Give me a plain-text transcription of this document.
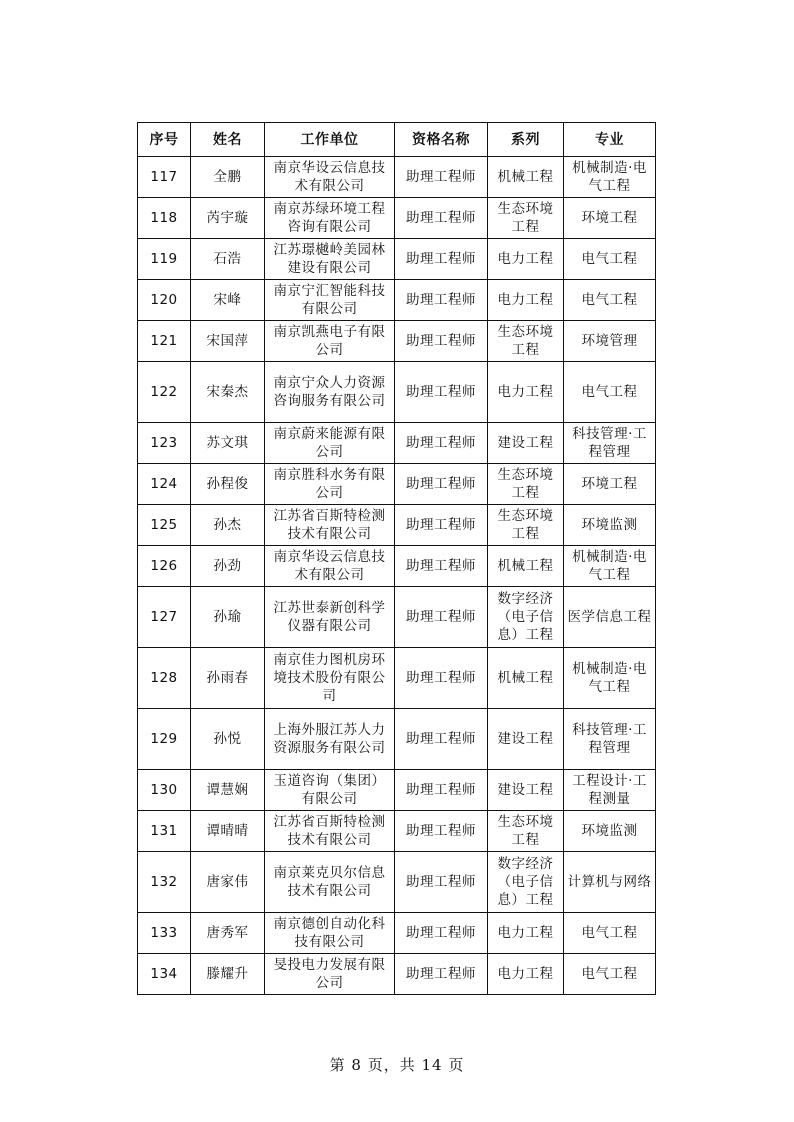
序号	姓名	工作单位	资格名称	系列	专业
117	全鹏	南京华设云信息技术有限公司	助理工程师	机械工程	机械制造·电气工程
118	芮宇璇	南京苏绿环境工程咨询有限公司	助理工程师	生态环境工程	环境工程
119	石浩	江苏璟樾岭美园林建设有限公司	助理工程师	电力工程	电气工程
120	宋峰	南京宁汇智能科技有限公司	助理工程师	电力工程	电气工程
121	宋国萍	南京凯燕电子有限公司	助理工程师	生态环境工程	环境管理
122	宋秦杰	南京宁众人力资源咨询服务有限公司	助理工程师	电力工程	电气工程
123	苏文琪	南京蔚来能源有限公司	助理工程师	建设工程	科技管理·工程管理
124	孙程俊	南京胜科水务有限公司	助理工程师	生态环境工程	环境工程
125	孙杰	江苏省百斯特检测技术有限公司	助理工程师	生态环境工程	环境监测
126	孙劲	南京华设云信息技术有限公司	助理工程师	机械工程	机械制造·电气工程
127	孙瑜	江苏世泰新创科学仪器有限公司	助理工程师	数字经济（电子信息）工程	医学信息工程
128	孙雨春	南京佳力图机房环境技术股份有限公司	助理工程师	机械工程	机械制造·电气工程
129	孙悦	上海外服江苏人力资源服务有限公司	助理工程师	建设工程	科技管理·工程管理
130	谭慧娴	玉道咨询（集团）有限公司	助理工程师	建设工程	工程设计·工程测量
131	谭晴晴	江苏省百斯特检测技术有限公司	助理工程师	生态环境工程	环境监测
132	唐家伟	南京莱克贝尔信息技术有限公司	助理工程师	数字经济（电子信息）工程	计算机与网络
133	唐秀军	南京德创自动化科技有限公司	助理工程师	电力工程	电气工程
134	滕耀升	旻投电力发展有限公司	助理工程师	电力工程	电气工程
第 8 页，共 14 页
